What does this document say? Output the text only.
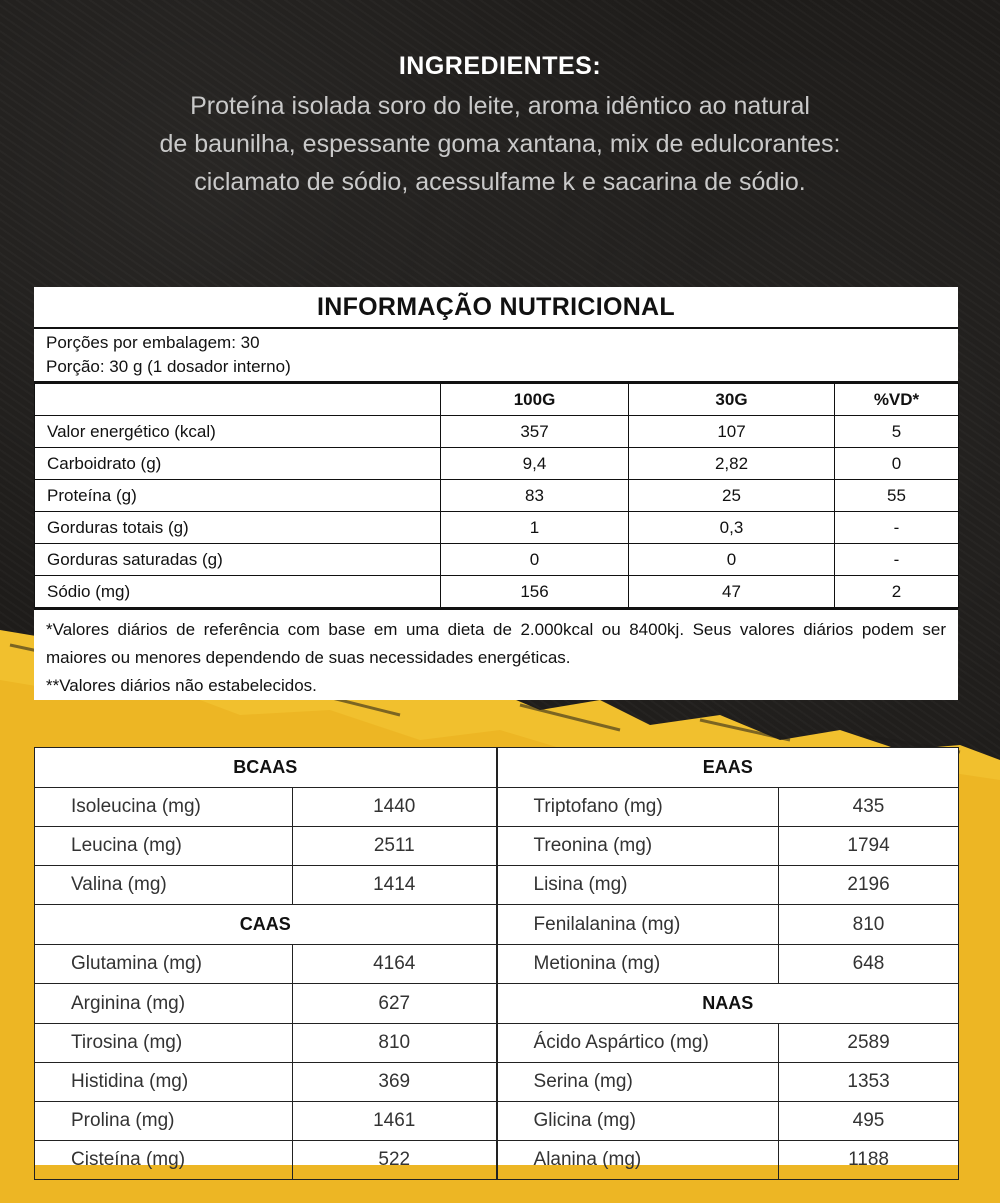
INGREDIENTES:
Proteína isolada soro do leite, aroma idêntico ao natural
de baunilha, espessante goma xantana, mix de edulcorantes:
ciclamato de sódio, acessulfame k e sacarina de sódio.
INFORMAÇÃO NUTRICIONAL
Porções por embalagem: 30
Porção: 30 g (1 dosador interno)
	100G	30G	%VD*
Valor energético (kcal)	357	107	5
Carboidrato (g)	9,4	2,82	0
Proteína (g)	83	25	55
Gorduras totais (g)	1	0,3	-
Gorduras saturadas (g)	0	0	-
Sódio (mg)	156	47	2
*Valores diários de referência com base em uma dieta de 2.000kcal ou 8400kj. Seus valores diários podem ser maiores ou menores dependendo de suas necessidades energéticas.
**Valores diários não estabelecidos.
BCAAS		EAAS	
Isoleucina (mg)	1440	Triptofano (mg)	435
Leucina (mg)	2511	Treonina (mg)	1794
Valina (mg)	1414	Lisina (mg)	2196
CAAS		Fenilalanina (mg)	810
Glutamina (mg)	4164	Metionina (mg)	648
Arginina (mg)	627	NAAS	
Tirosina (mg)	810	Ácido Aspártico (mg)	2589
Histidina (mg)	369	Serina (mg)	1353
Prolina (mg)	1461	Glicina (mg)	495
Cisteína (mg)	522	Alanina (mg)	1188
